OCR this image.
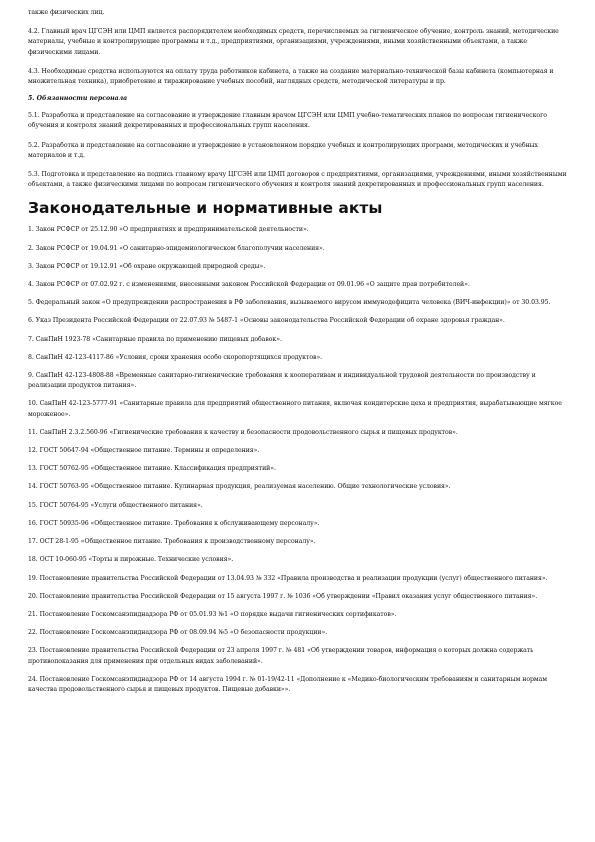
также физических лиц.

4.2. Главный врач ЦГСЭН или ЦМП является распорядителем необходимых средств, перечисляемых за гигиеническое обучение, контроль знаний, методические материалы, учебные и контролирующие программы и т.д., предприятиями, организациями, учреждениями, иными хозяйственными объектами, а также физическими лицами.

4.3. Необходимые средства используются на оплату труда работников кабинета, а также на создание материально-технической базы кабинета (компьютерная и множительная техника), приобретение и тиражирование учебных пособий, наглядных средств, методической литературы и пр.

5. Обязанности персонала

5.1. Разработка и представление на согласование и утверждение главным врачом ЦГСЭН или ЦМП учебно-тематических планов по вопросам гигиенического обучения и контроля знаний декретированных и профессиональных групп населения.

5.2. Разработка и представление на согласование и утверждение в установленном порядке учебных и контролирующих программ, методических и учебных материалов и т.д.

5.3. Подготовка и представление на подпись главному врачу ЦГСЭН или ЦМП договоров с предприятиями, организациями, учреждениями, иными хозяйственными объектами, а также физическими лицами по вопросам гигиенического обучения и контроля знаний декретированных и профессиональных групп населения.

Законодательные и нормативные акты

1. Закон РСФСР от 25.12.90 «О предприятиях и предпринимательской деятельности».

2. Закон РСФСР от 19.04.91 «О санитарно-эпидемиологическом благополучии населения».

3. Закон РСФСР от 19.12.91 «Об охране окружающей природной среды».

4. Закон РСФСР от 07.02.92 г. с изменениями, внесенными законом Российской Федерации от 09.01.96 «О защите прав потребителей».

5. Федеральный закон «О предупреждении распространения в РФ заболевания, вызываемого вирусом иммунодефицита человека (ВИЧ-инфекции)» от 30.03.95.

6. Указ Президента Российской Федерации от 22.07.93 № 5487-1 «Основы законодательства Российской Федерации об охране здоровья граждан».

7. СанПиН 1923-78 «Санитарные правила по применению пищевых добавок».

8. СанПиН 42-123-4117-86 «Условия, сроки хранения особо скоропортящихся продуктов».

9. СанПиН 42-123-4808-88 «Временные санитарно-гигиенические требования к кооперативам и индивидуальной трудовой деятельности по производству и реализации продуктов питания».

10. СанПиН 42-123-5777-91 «Санитарные правила для предприятий общественного питания, включая кондитерские цеха и предприятия, вырабатывающие мягкое мороженое».

11. СанПиН 2.3.2.560-96 «Гигиенические требования к качеству и безопасности продовольственного сырья и пищевых продуктов».

12. ГОСТ 50647-94 «Общественное питание. Термины и определения».

13. ГОСТ 50762-95 «Общественное питание. Классификация предприятий».

14. ГОСТ 50763-95 «Общественное питание. Кулинарная продукция, реализуемая населению. Общие технологические условия».

15. ГОСТ 50764-95 «Услуги общественного питания».

16. ГОСТ 50935-96 «Общественное питание. Требования к обслуживающему персоналу».

17. ОСТ 28-1-95 «Общественное питание. Требования к производственному персоналу».

18. ОСТ 10-060-95 «Торты и пирожные. Технические условия».

19. Постановление правительства Российской Федерации от 13.04.93 № 332 «Правила производства и реализации продукции (услуг) общественного питания».

20. Постановление правительства Российской Федерации от 15 августа 1997 г. № 1036 «Об утверждении «Правил оказания услуг общественного питания».

21. Постановление Госкомсанэпиднадзора РФ от 05.01.93 №1 «О порядке выдачи гигиенических сертификатов».

22. Постановление Госкомсанэпиднадзора РФ от 08.09.94 №5 «О безопасности продукции».

23. Постановление правительства Российской Федерации от 23 апреля 1997 г. № 481 «Об утверждении товаров, информация о которых должна содержать противопоказания для применения при отдельных видах заболеваний».

24. Постановление Госкомсанэпиднадзора РФ от 14 августа 1994 г. № 01-19/42-11 «Дополнение к «Медико-биологическим требованиям и санитарным нормам качества продовольственного сырья и пищевых продуктов. Пищевые добавки»».
